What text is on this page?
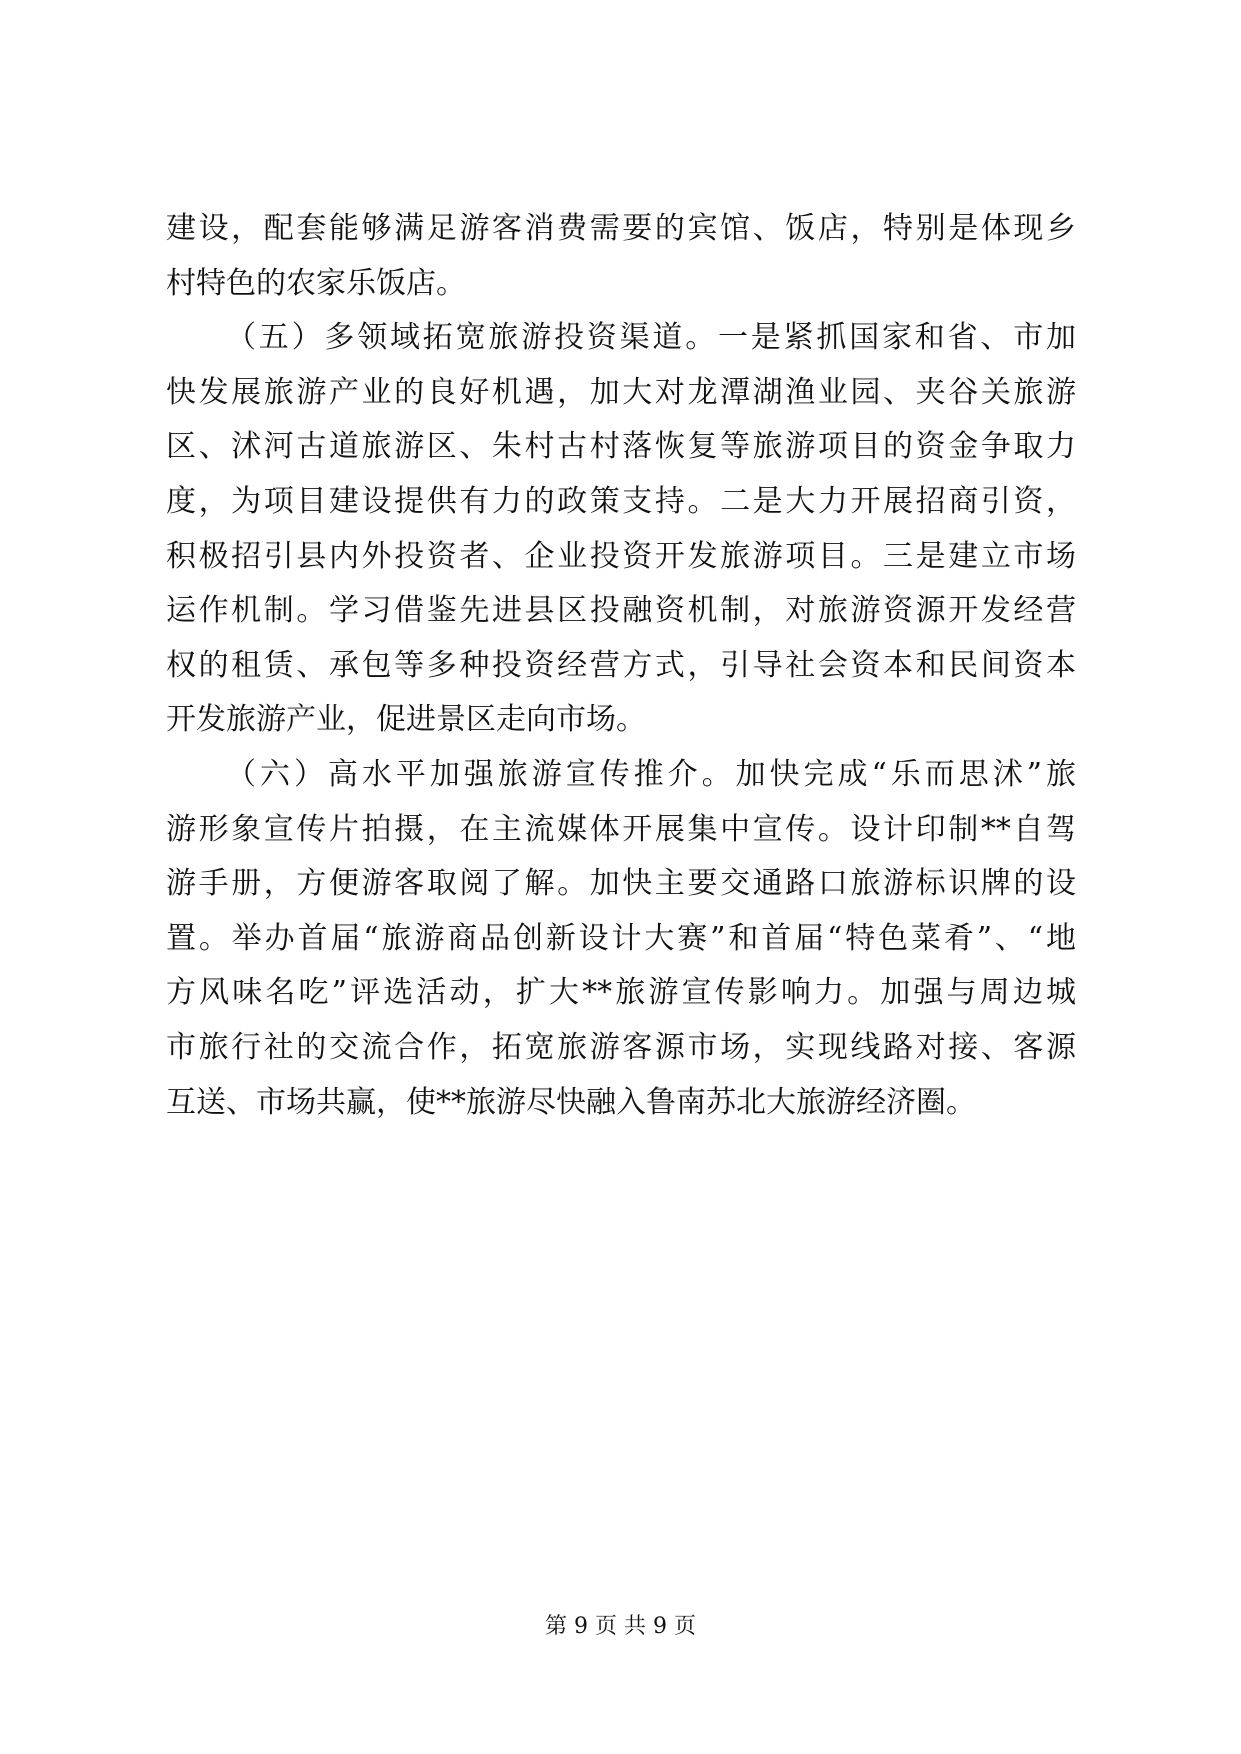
建设，配套能够满足游客消费需要的宾馆、饭店，特别是体现乡
村特色的农家乐饭店。
（五）多领域拓宽旅游投资渠道。一是紧抓国家和省、市加
快发展旅游产业的良好机遇，加大对龙潭湖渔业园、夹谷关旅游
区、沭河古道旅游区、朱村古村落恢复等旅游项目的资金争取力
度，为项目建设提供有力的政策支持。二是大力开展招商引资，
积极招引县内外投资者、企业投资开发旅游项目。三是建立市场
运作机制。学习借鉴先进县区投融资机制，对旅游资源开发经营
权的租赁、承包等多种投资经营方式，引导社会资本和民间资本
开发旅游产业，促进景区走向市场。
（六）高水平加强旅游宣传推介。加快完成“乐而思沭”旅
游形象宣传片拍摄，在主流媒体开展集中宣传。设计印制**自驾
游手册，方便游客取阅了解。加快主要交通路口旅游标识牌的设
置。举办首届“旅游商品创新设计大赛”和首届“特色菜肴”、“地
方风味名吃”评选活动，扩大**旅游宣传影响力。加强与周边城
市旅行社的交流合作，拓宽旅游客源市场，实现线路对接、客源
互送、市场共赢，使**旅游尽快融入鲁南苏北大旅游经济圈。
第 9 页 共 9 页
